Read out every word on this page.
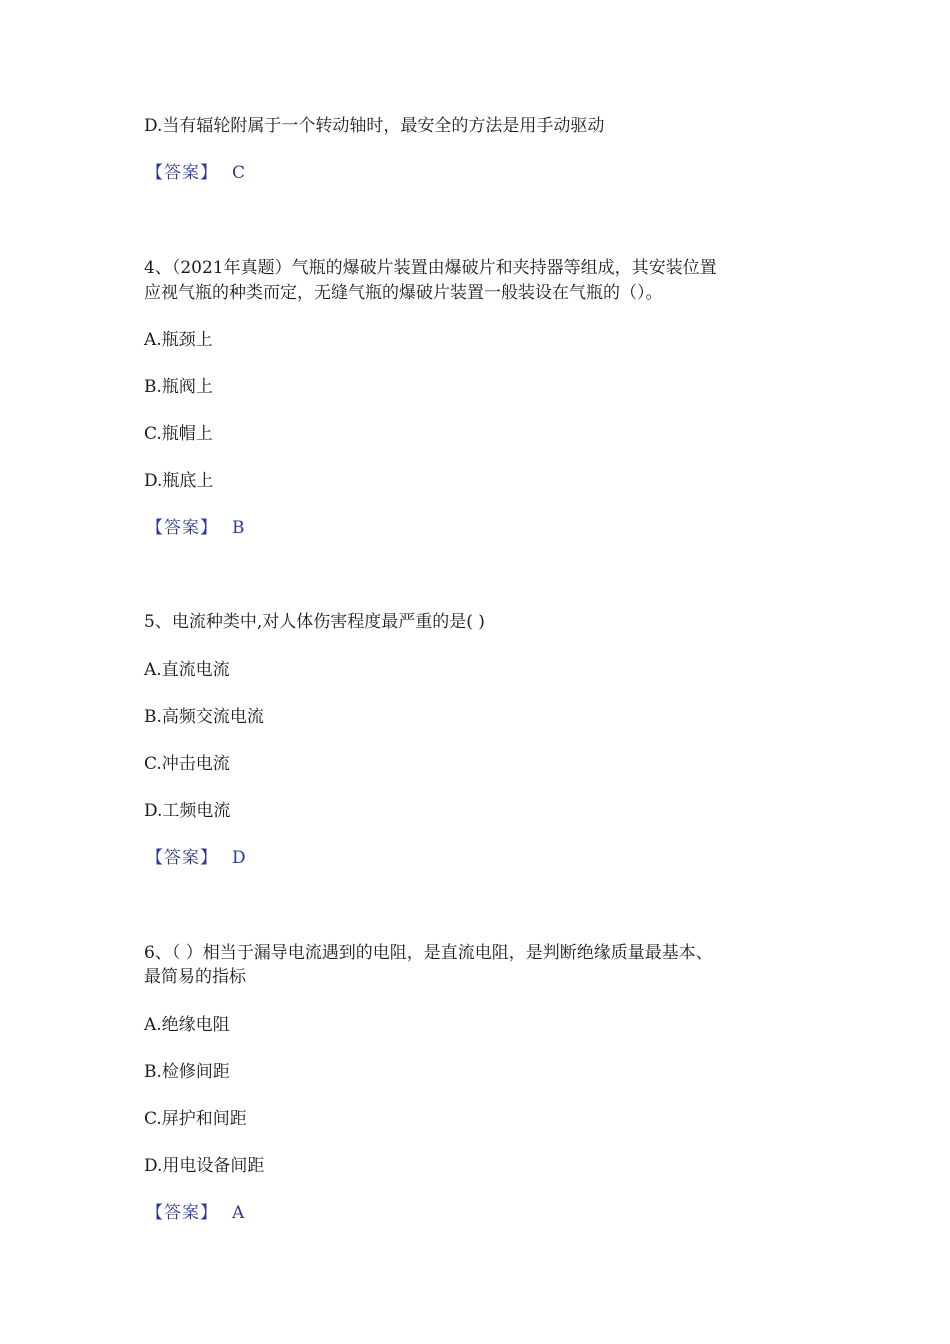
D.当有辐轮附属于一个转动轴时，最安全的方法是用手动驱动
【答案】 C
4、（2021年真题）气瓶的爆破片装置由爆破片和夹持器等组成，其安装位置
应视气瓶的种类而定，无缝气瓶的爆破片装置一般装设在气瓶的（）。
A.瓶颈上
B.瓶阀上
C.瓶帽上
D.瓶底上
【答案】 B
5、电流种类中,对人体伤害程度最严重的是( )
A.直流电流
B.高频交流电流
C.冲击电流
D.工频电流
【答案】 D
6、（ ）相当于漏导电流遇到的电阻，是直流电阻，是判断绝缘质量最基本、
最简易的指标
A.绝缘电阻
B.检修间距
C.屏护和间距
D.用电设备间距
【答案】 A
